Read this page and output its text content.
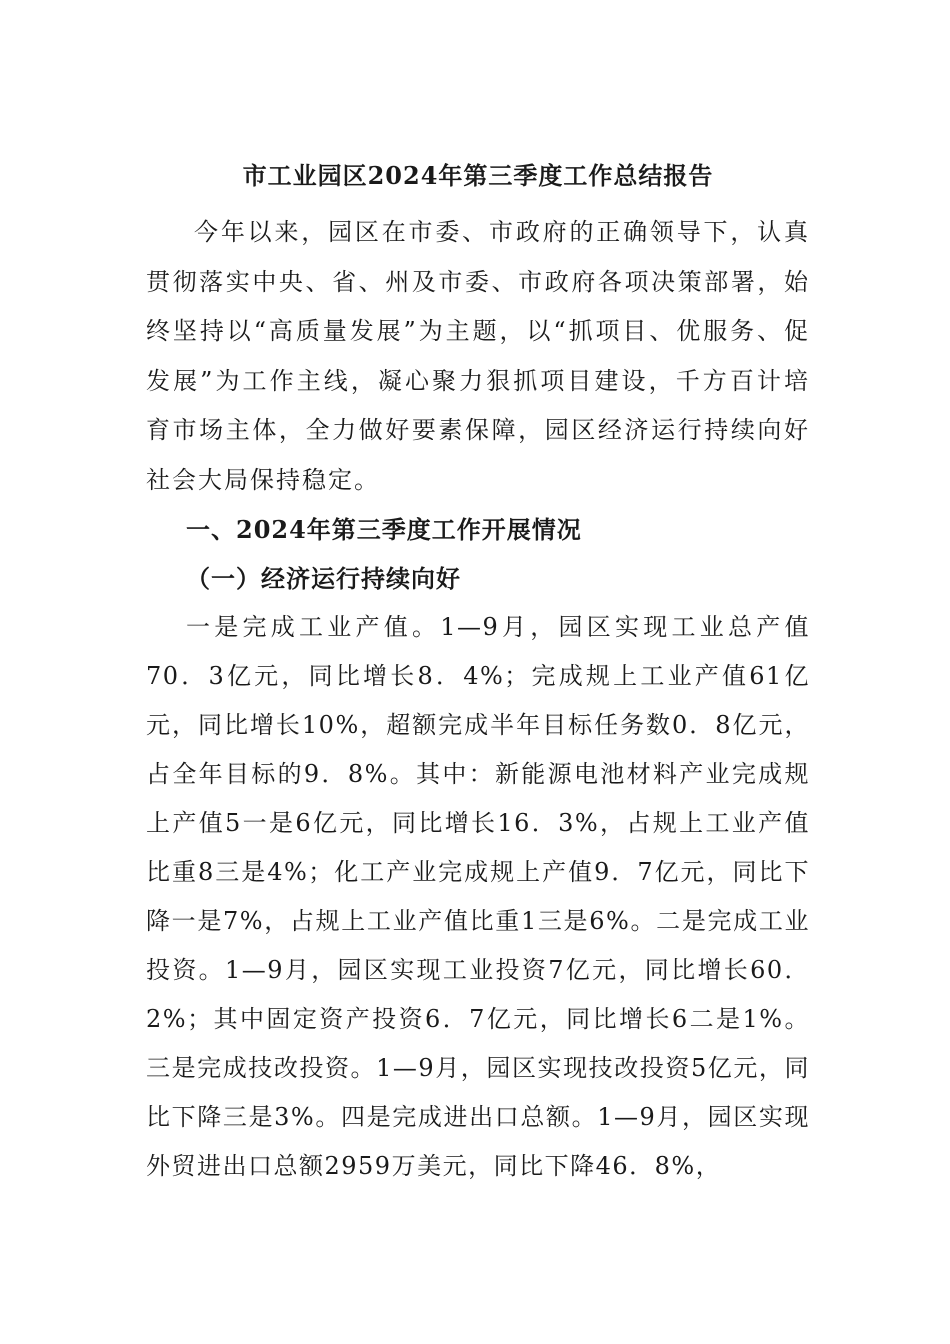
市工业园区2024年第三季度工作总结报告

今年以来，园区在市委、市政府的正确领导下，认真贯彻落实中央、省、州及市委、市政府各项决策部署，始终坚持以“高质量发展”为主题，以“抓项目、优服务、促发展”为工作主线，凝心聚力狠抓项目建设，千方百计培育市场主体，全力做好要素保障，园区经济运行持续向好社会大局保持稳定。

一、2024年第三季度工作开展情况

（一）经济运行持续向好

一是完成工业产值。1—9月，园区实现工业总产值70．3亿元，同比增长8．4%；完成规上工业产值61亿元，同比增长10%，超额完成半年目标任务数0．8亿元，占全年目标的9．8%。其中：新能源电池材料产业完成规上产值5一是6亿元，同比增长16．3%，占规上工业产值比重8三是4%；化工产业完成规上产值9．7亿元，同比下降一是7%，占规上工业产值比重1三是6%。二是完成工业投资。1—9月，园区实现工业投资7亿元，同比增长60．2%；其中固定资产投资6．7亿元，同比增长6二是1%。三是完成技改投资。1—9月，园区实现技改投资5亿元，同比下降三是3%。四是完成进出口总额。1—9月，园区实现外贸进出口总额2959万美元，同比下降46．8%，
